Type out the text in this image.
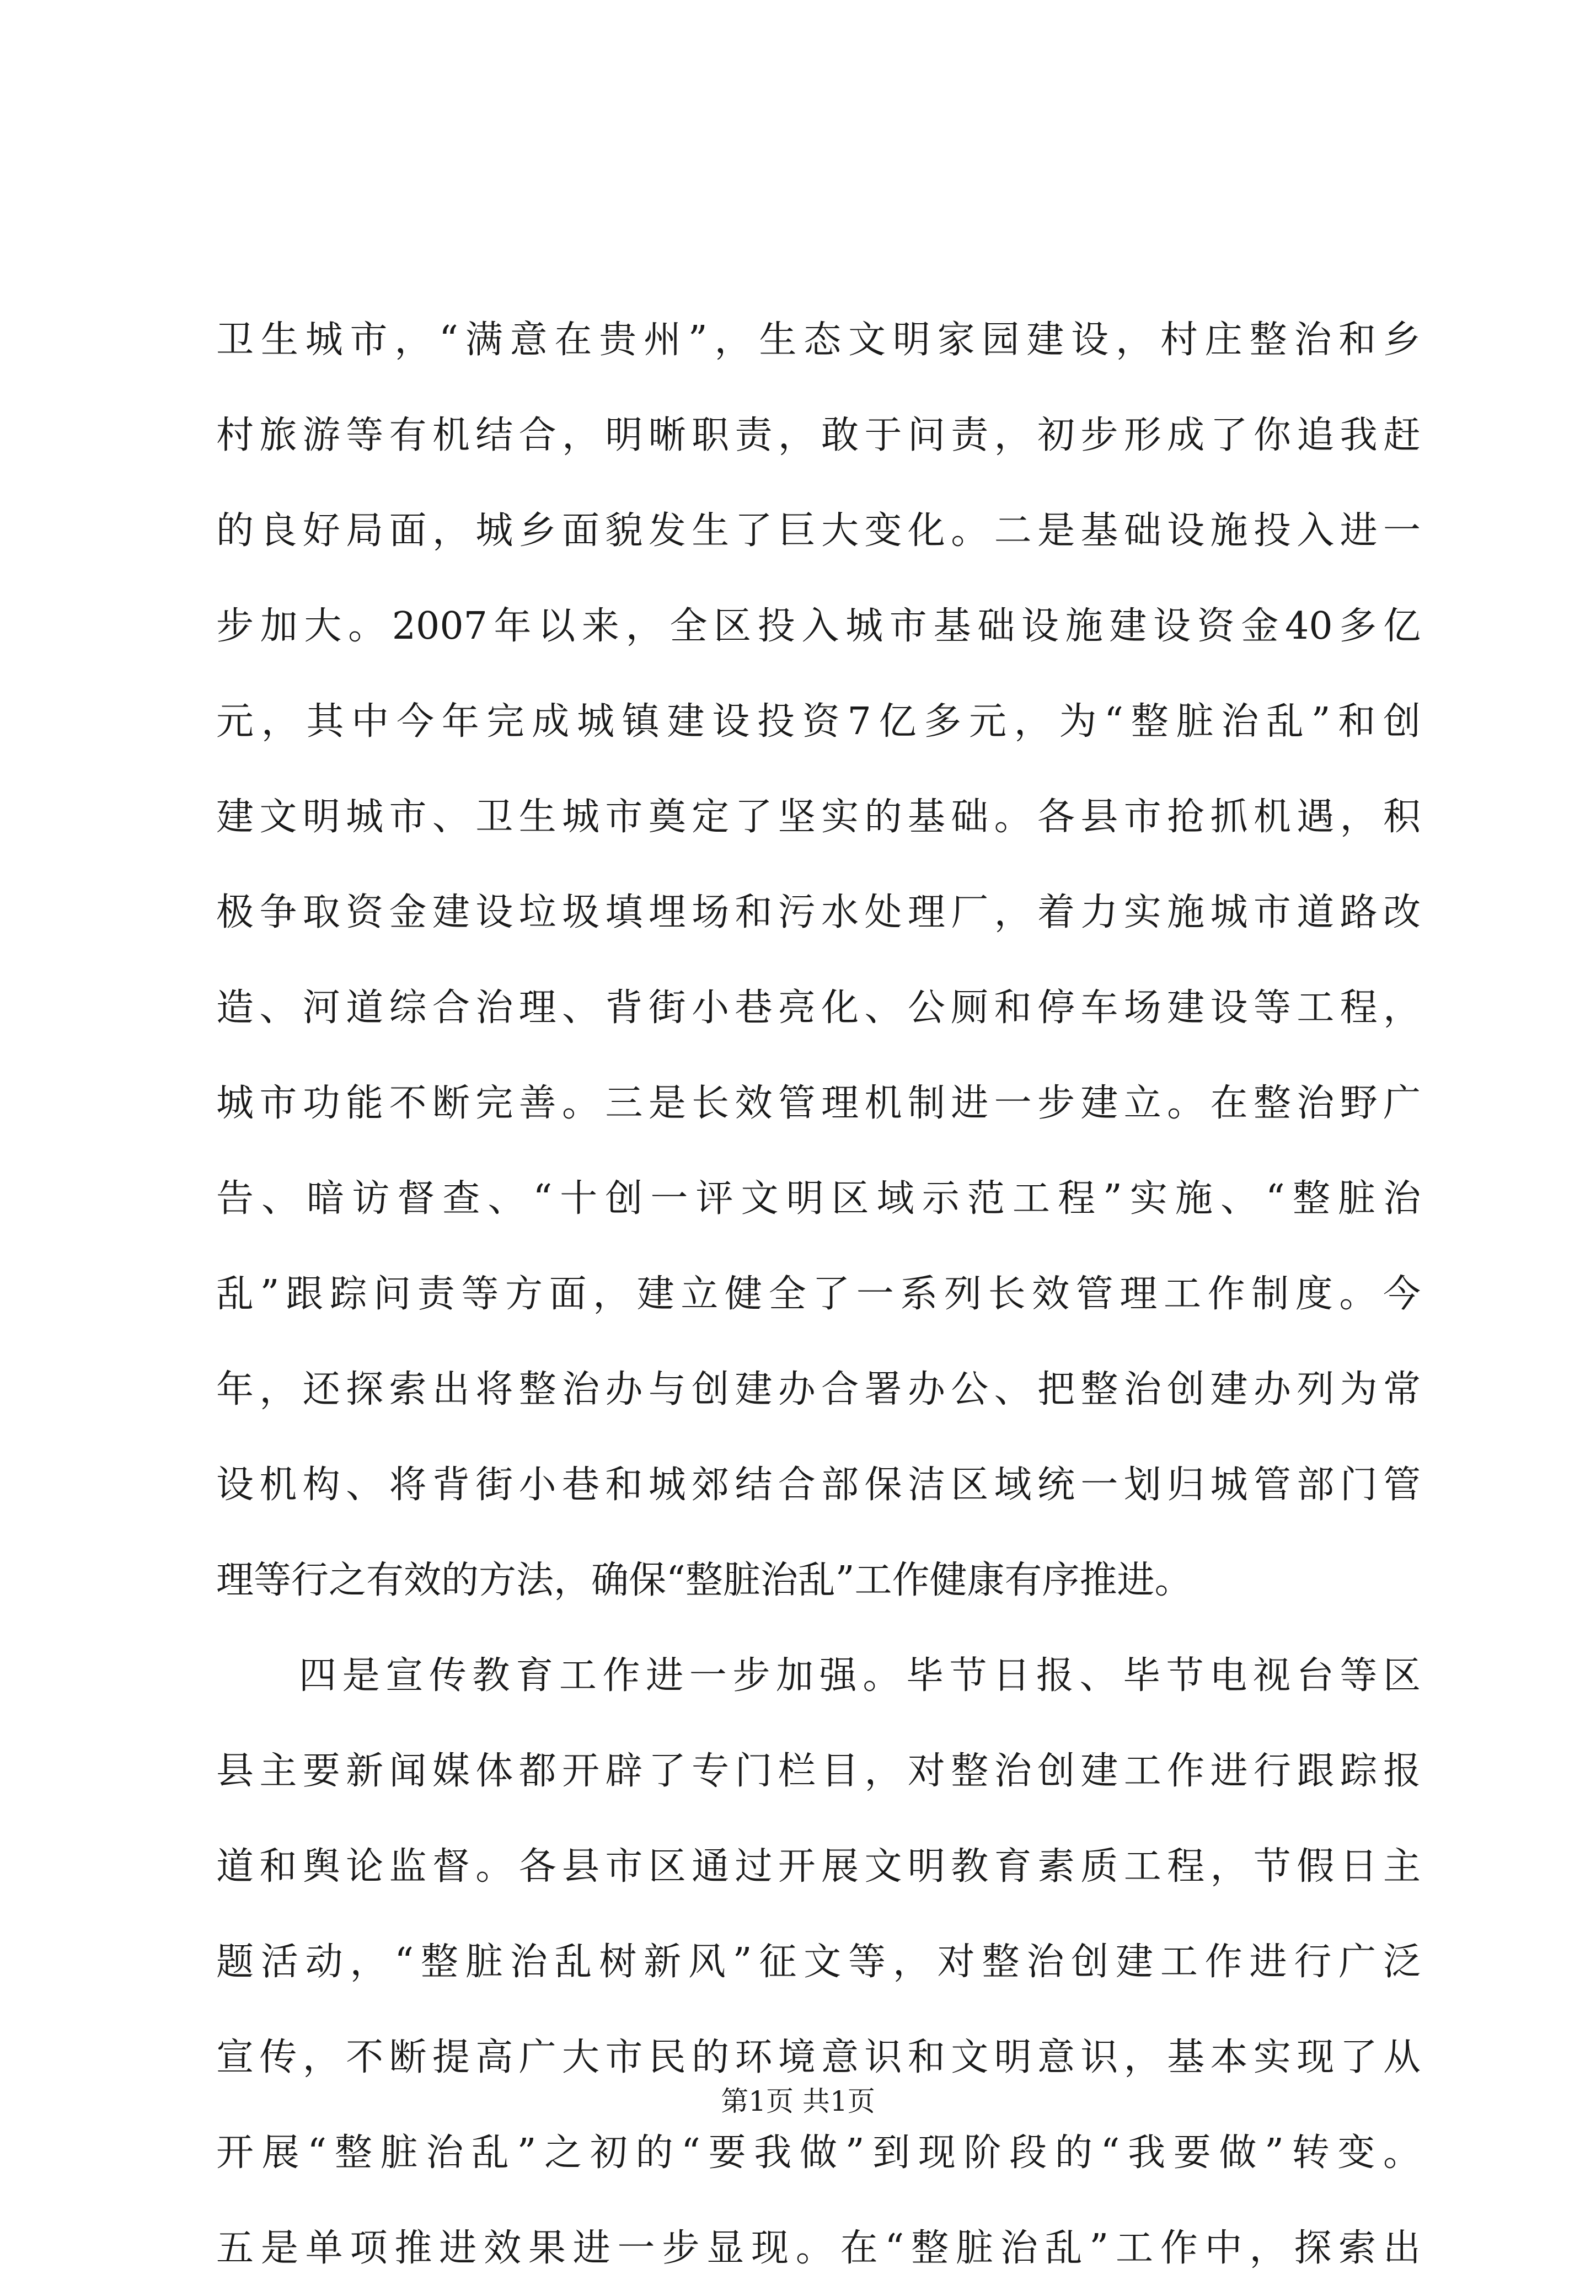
卫生城市，“满意在贵州”，生态文明家园建设，村庄整治和乡
村旅游等有机结合，明晰职责，敢于问责，初步形成了你追我赶
的良好局面，城乡面貌发生了巨大变化。二是基础设施投入进一
步加大。2007年以来，全区投入城市基础设施建设资金40多亿
元，其中今年完成城镇建设投资7亿多元，为“整脏治乱”和创
建文明城市、卫生城市奠定了坚实的基础。各县市抢抓机遇，积
极争取资金建设垃圾填埋场和污水处理厂，着力实施城市道路改
造、河道综合治理、背街小巷亮化、公厕和停车场建设等工程，
城市功能不断完善。三是长效管理机制进一步建立。在整治野广
告、暗访督查、“十创一评文明区域示范工程”实施、“整脏治
乱”跟踪问责等方面，建立健全了一系列长效管理工作制度。今
年，还探索出将整治办与创建办合署办公、把整治创建办列为常
设机构、将背街小巷和城郊结合部保洁区域统一划归城管部门管
理等行之有效的方法，确保“整脏治乱”工作健康有序推进。
四是宣传教育工作进一步加强。毕节日报、毕节电视台等区
县主要新闻媒体都开辟了专门栏目，对整治创建工作进行跟踪报
道和舆论监督。各县市区通过开展文明教育素质工程，节假日主
题活动，“整脏治乱树新风”征文等，对整治创建工作进行广泛
宣传，不断提高广大市民的环境意识和文明意识，基本实现了从
开展“整脏治乱”之初的“要我做”到现阶段的“我要做”转变。
五是单项推进效果进一步显现。在“整脏治乱”工作中，探索出
第1页 共1页
